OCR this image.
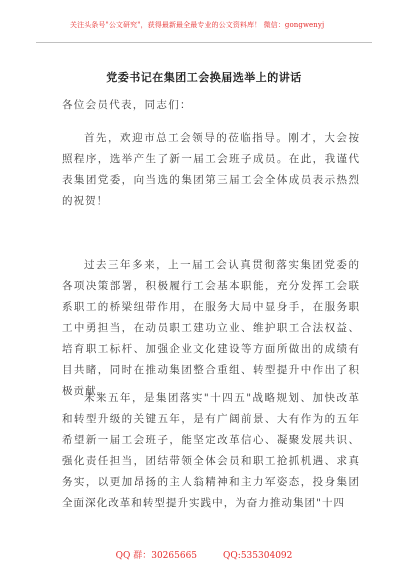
关注头条号"公文研究"，获得最新最全最专业的公文资料库！ 微信：gongwenyj
党委书记在集团工会换届选举上的讲话
各位会员代表，同志们：

首先，欢迎市总工会领导的莅临指导。刚才，大会按照程序，选举产生了新一届工会班子成员。在此，我谨代表集团党委，向当选的集团第三届工会全体成员表示热烈的祝贺！

过去三年多来，上一届工会认真贯彻落实集团党委的各项决策部署，积极履行工会基本职能，充分发挥工会联系职工的桥梁纽带作用，在服务大局中显身手，在服务职工中勇担当，在动员职工建功立业、维护职工合法权益、培育职工标杆、加强企业文化建设等方面所做出的成绩有目共睹，同时在推动集团整合重组、转型提升中作出了积极贡献。

未来五年，是集团落实"十四五"战略规划、加快改革和转型升级的关键五年，是有广阔前景、大有作为的五年希望新一届工会班子，能坚定改革信心、凝聚发展共识、强化责任担当，团结带领全体会员和职工抢抓机遇、求真务实，以更加昂扬的主人翁精神和主力军姿态，投身集团全面深化改革和转型提升实践中，为奋力推动集团"十四

QQ 群：30265665	QQ:535304092
